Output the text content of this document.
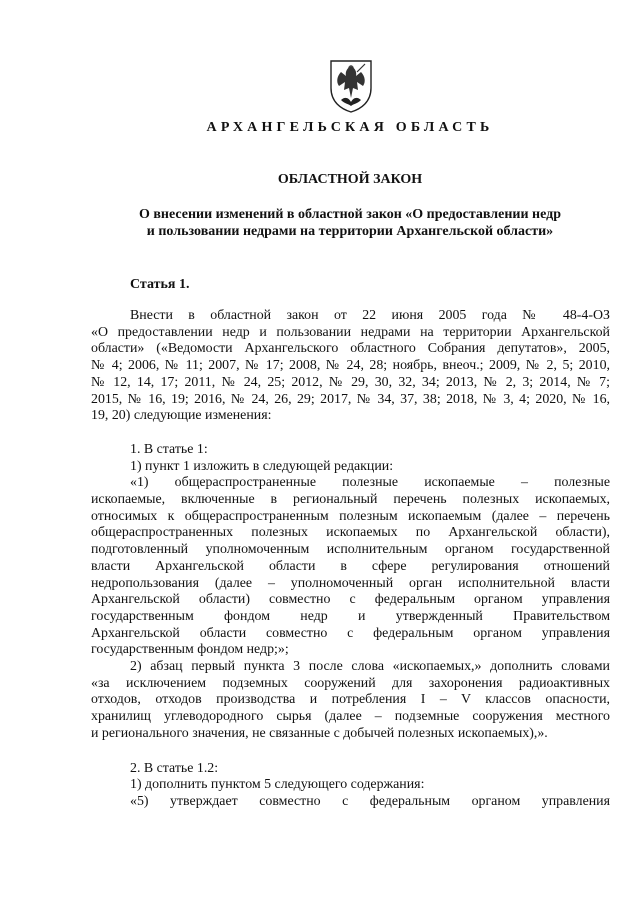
АРХАНГЕЛЬСКАЯ ОБЛАСТЬ
ОБЛАСТНОЙ ЗАКОН
О внесении изменений в областной закон «О предоставлении недр
и пользовании недрами на территории Архангельской области»
Статья 1.
Внести в областной закон от 22 июня 2005 года № 48-4-ОЗ
«О предоставлении недр и пользовании недрами на территории Архангельской
области» («Ведомости Архангельского областного Собрания депутатов», 2005,
№ 4; 2006, № 11; 2007, № 17; 2008, № 24, 28; ноябрь, внеоч.; 2009, № 2, 5; 2010,
№ 12, 14, 17; 2011, № 24, 25; 2012, № 29, 30, 32, 34; 2013, № 2, 3; 2014, № 7;
2015, № 16, 19; 2016, № 24, 26, 29; 2017, № 34, 37, 38; 2018, № 3, 4; 2020, № 16,
19, 20) следующие изменения:
1. В статье 1:
1) пункт 1 изложить в следующей редакции:
«1) общераспространенные полезные ископаемые – полезные
ископаемые, включенные в региональный перечень полезных ископаемых,
относимых к общераспространенным полезным ископаемым (далее – перечень
общераспространенных полезных ископаемых по Архангельской области),
подготовленный уполномоченным исполнительным органом государственной
власти Архангельской области в сфере регулирования отношений
недропользования (далее – уполномоченный орган исполнительной власти
Архангельской области) совместно с федеральным органом управления
государственным фондом недр и утвержденный Правительством
Архангельской области совместно с федеральным органом управления
государственным фондом недр;»;
2) абзац первый пункта 3 после слова «ископаемых,» дополнить словами
«за исключением подземных сооружений для захоронения радиоактивных
отходов, отходов производства и потребления I – V классов опасности,
хранилищ углеводородного сырья (далее – подземные сооружения местного
и регионального значения, не связанные с добычей полезных ископаемых),».
2. В статье 1.2:
1) дополнить пунктом 5 следующего содержания:
«5) утверждает совместно с федеральным органом управления
